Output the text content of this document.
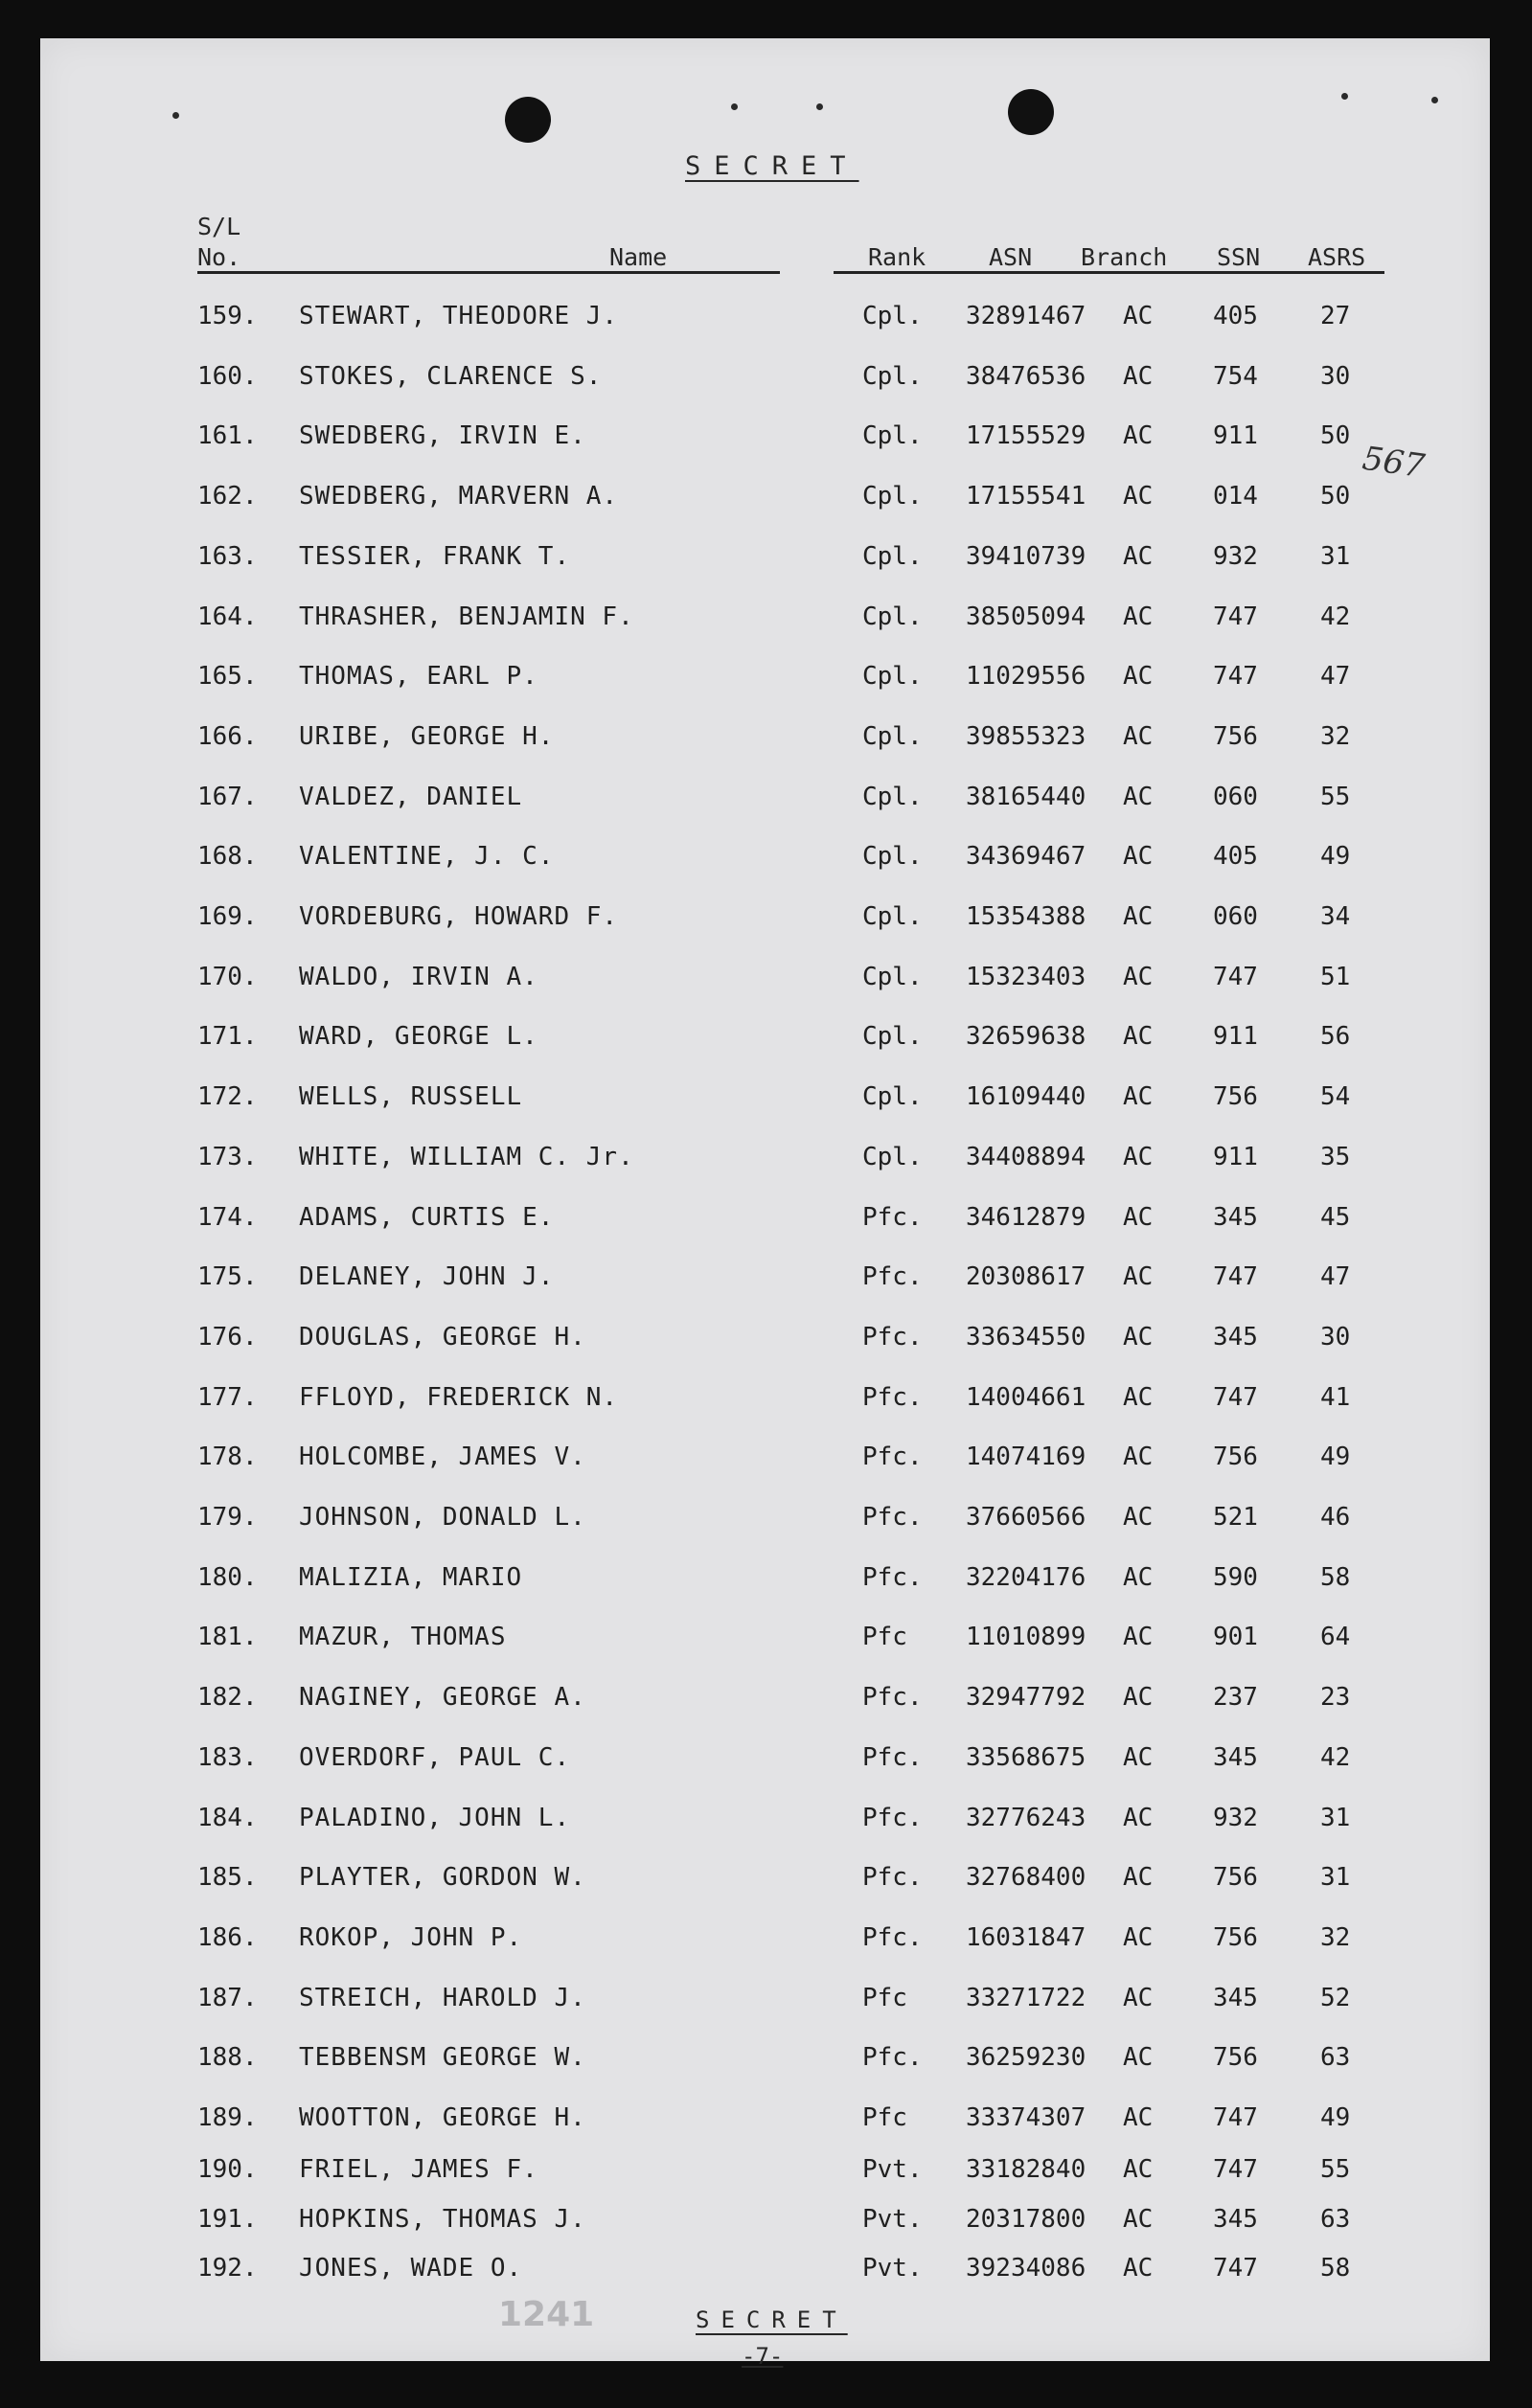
SECRET
S/L
No.	Name	Rank	ASN Branch SSN ASRS
567
159. STEWART, THEODORE J.	Cpl. 32891467 AC 405	27
160. STOKES, CLARENCE S.	Cpl. 38476536 AC 754	30
161. SWEDBERG, IRVIN E.	Cpl. 17155529 AC 911	50
162. SWEDBERG, MARVERN A.	Cpl. 17155541 AC 014	50
163. TESSIER, FRANK T.	Cpl. 39410739 AC 932	31
164. THRASHER, BENJAMIN F.	Cpl. 38505094 AC 747	42
165. THOMAS, EARL P.	Cpl. 11029556 AC 747	47
166. URIBE, GEORGE H.	Cpl. 39855323 AC 756	32
167. VALDEZ, DANIEL	Cpl. 38165440 AC 060	55
168. VALENTINE, J. C.	Cpl. 34369467 AC 405	49
169. VORDEBURG, HOWARD F.	Cpl. 15354388 AC 060	34
170. WALDO, IRVIN A.	Cpl. 15323403 AC 747	51
171. WARD, GEORGE L.	Cpl. 32659638 AC 911	56
172. WELLS, RUSSELL	Cpl. 16109440 AC 756	54
173. WHITE, WILLIAM C. Jr.	Cpl. 34408894 AC 911	35
174. ADAMS, CURTIS E.	Pfc. 34612879 AC 345	45
175. DELANEY, JOHN J.	Pfc. 20308617 AC 747	47
176. DOUGLAS, GEORGE H.	Pfc. 33634550 AC 345	30
177. FFLOYD, FREDERICK N.	Pfc. 14004661 AC 747	41
178. HOLCOMBE, JAMES V.	Pfc. 14074169 AC 756	49
179. JOHNSON, DONALD L.	Pfc. 37660566 AC 521	46
180. MALIZIA, MARIO	Pfc. 32204176 AC 590	58
181. MAZUR, THOMAS	Pfc 11010899 AC 901	64
182. NAGINEY, GEORGE A.	Pfc. 32947792 AC 237	23
183. OVERDORF, PAUL C.	Pfc. 33568675 AC 345	42
184. PALADINO, JOHN L.	Pfc. 32776243 AC 932	31
185. PLAYTER, GORDON W.	Pfc. 32768400 AC 756	31
186. ROKOP, JOHN P.	Pfc. 16031847 AC 756	32
187. STREICH, HAROLD J.	Pfc 33271722 AC 345	52
188. TEBBENSM GEORGE W.	Pfc. 36259230 AC 756	63
189. WOOTTON, GEORGE H.	Pfc 33374307 AC 747	49
190. FRIEL, JAMES F.	Pvt. 33182840 AC 747	55
191. HOPKINS, THOMAS J.	Pvt. 20317800 AC 345	63
192. JONES, WADE O.	Pvt. 39234086 AC 747	58
1241	SECRET
-7-
